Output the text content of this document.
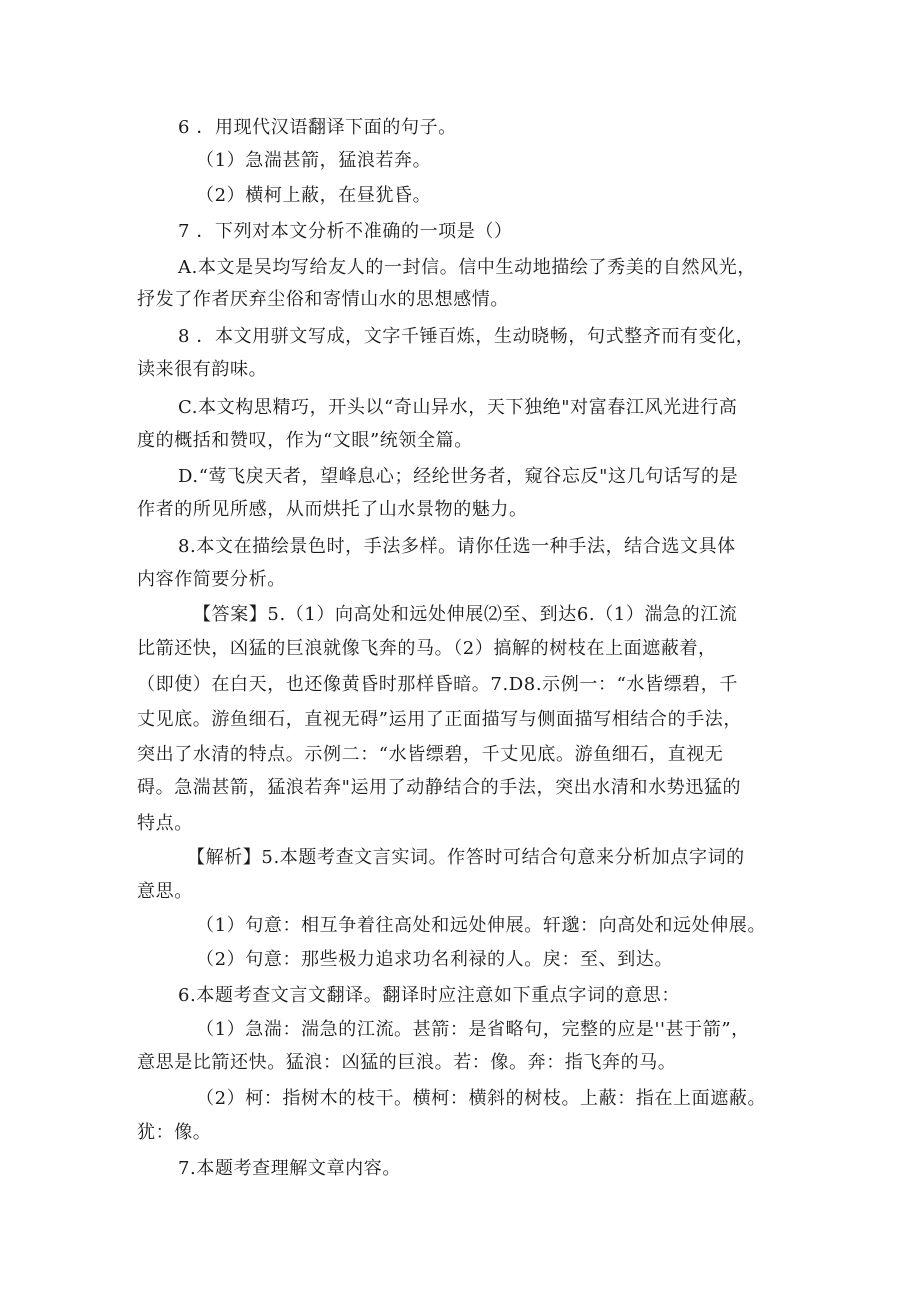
6 ．用现代汉语翻译下面的句子。
（1）急湍甚箭，猛浪若奔。
（2）横柯上蔽，在昼犹昏。
7 ．下列对本文分析不准确的一项是（）
A.本文是吴均写给友人的一封信。信中生动地描绘了秀美的自然风光，
抒发了作者厌弃尘俗和寄情山水的思想感情。
8 ．本文用骈文写成，文字千锤百炼，生动晓畅，句式整齐而有变化，
读来很有韵味。
C.本文构思精巧，开头以“奇山异水，天下独绝"对富春江风光进行高
度的概括和赞叹，作为“文眼”统领全篇。
D.“莺飞戾天者，望峰息心；经纶世务者，窥谷忘反"这几句话写的是
作者的所见所感，从而烘托了山水景物的魅力。
8.本文在描绘景色时，手法多样。请你任选一种手法，结合选文具体
内容作简要分析。
【答案】5.（1）向高处和远处伸展⑵至、到达6.（1）湍急的江流
比箭还快，凶猛的巨浪就像飞奔的马。（2）搞解的树枝在上面遮蔽着，
（即使）在白天，也还像黄昏时那样昏暗。7.D8.示例一：“水皆缥碧，千
丈见底。游鱼细石，直视无碍”运用了正面描写与侧面描写相结合的手法，
突出了水清的特点。示例二：“水皆缥碧，千丈见底。游鱼细石，直视无
碍。急湍甚箭，猛浪若奔"运用了动静结合的手法，突出水清和水势迅猛的
特点。
【解析】5.本题考查文言实词。作答时可结合句意来分析加点字词的
意思。
（1）句意：相互争着往高处和远处伸展。轩邈：向高处和远处伸展。
（2）句意：那些极力追求功名利禄的人。戾：至、到达。
6.本题考查文言文翻译。翻译时应注意如下重点字词的意思：
（1）急湍：湍急的江流。甚箭：是省略句，完整的应是''甚于箭”，
意思是比箭还快。猛浪：凶猛的巨浪。若：像。奔：指飞奔的马。
（2）柯：指树木的枝干。横柯：横斜的树枝。上蔽：指在上面遮蔽。
犹：像。
7.本题考查理解文章内容。
